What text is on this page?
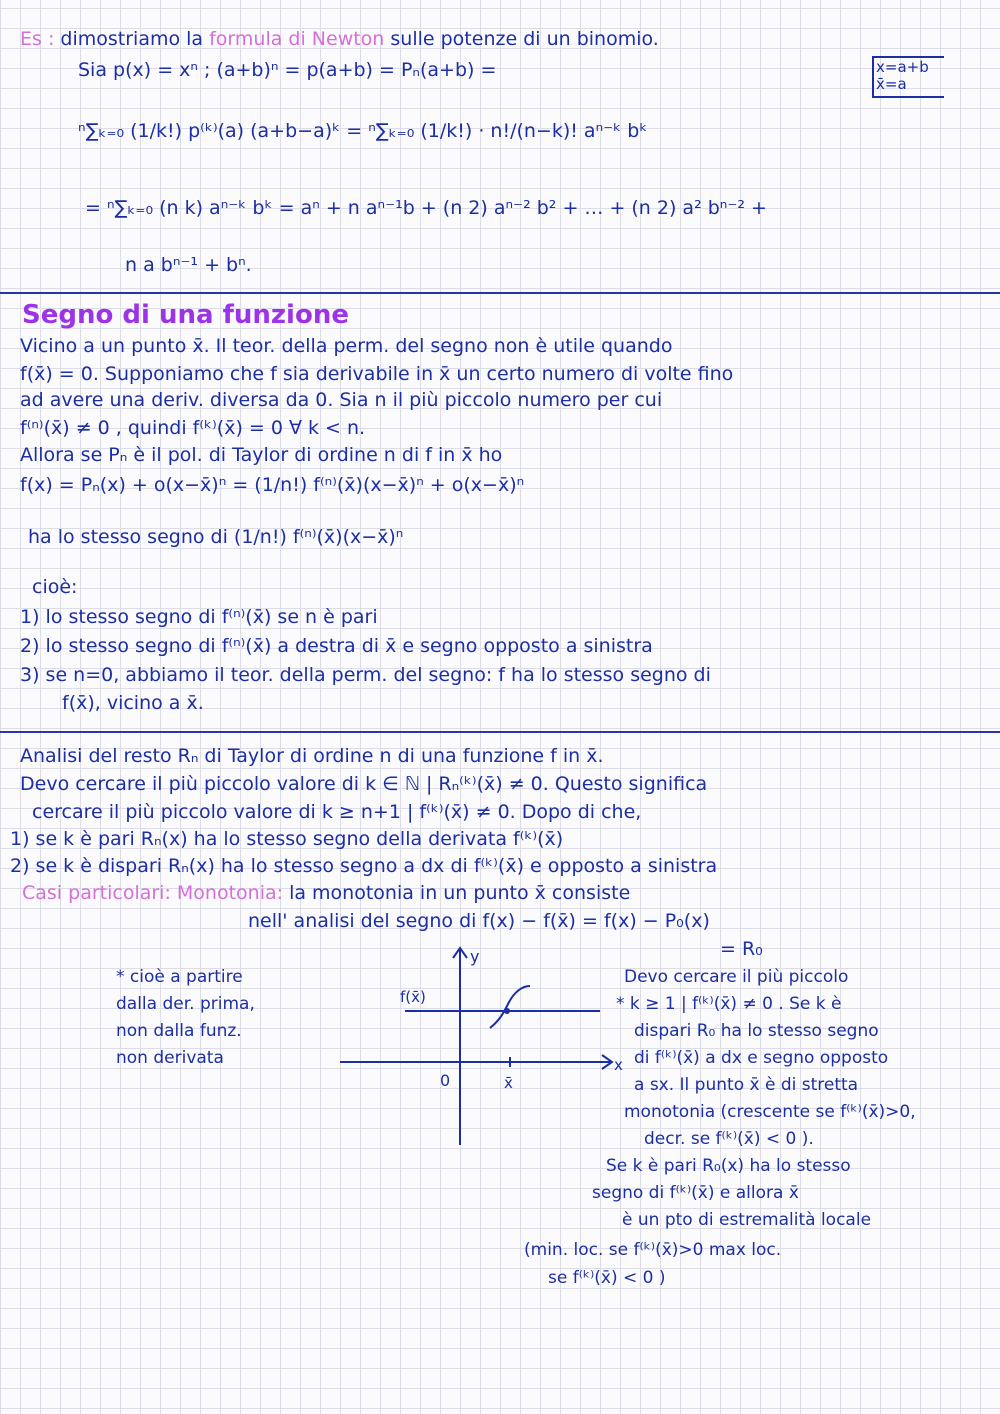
Es : dimostriamo la formula di Newton sulle potenze di un binomio.
Sia p(x) = xⁿ ; (a+b)ⁿ = p(a+b) = Pₙ(a+b) =	x=a+b
x̄=a
ⁿ∑ₖ₌₀ (1/k!) p⁽ᵏ⁾(a) (a+b−a)ᵏ = ⁿ∑ₖ₌₀ (1/k!) · n!/(n−k)! aⁿ⁻ᵏ bᵏ
= ⁿ∑ₖ₌₀ (n k) aⁿ⁻ᵏ bᵏ = aⁿ + n aⁿ⁻¹b + (n 2) aⁿ⁻² b² + … + (n 2) a² bⁿ⁻² +
n a bⁿ⁻¹ + bⁿ.
Segno di una funzione
Vicino a un punto x̄. Il teor. della perm. del segno non è utile quando
f(x̄) = 0. Supponiamo che f sia derivabile in x̄ un certo numero di volte fino
ad avere una deriv. diversa da 0. Sia n il più piccolo numero per cui
f⁽ⁿ⁾(x̄) ≠ 0 , quindi f⁽ᵏ⁾(x̄) = 0 ∀ k < n.
Allora se Pₙ è il pol. di Taylor di ordine n di f in x̄ ho
f(x) = Pₙ(x) + o(x−x̄)ⁿ = (1/n!) f⁽ⁿ⁾(x̄)(x−x̄)ⁿ + o(x−x̄)ⁿ
ha lo stesso segno di (1/n!) f⁽ⁿ⁾(x̄)(x−x̄)ⁿ
cioè:
1) lo stesso segno di f⁽ⁿ⁾(x̄) se n è pari
2) lo stesso segno di f⁽ⁿ⁾(x̄) a destra di x̄ e segno opposto a sinistra
3) se n=0, abbiamo il teor. della perm. del segno: f ha lo stesso segno di
f(x̄), vicino a x̄.
Analisi del resto Rₙ di Taylor di ordine n di una funzione f in x̄.
Devo cercare il più piccolo valore di k ∈ ℕ | Rₙ⁽ᵏ⁾(x̄) ≠ 0. Questo significa
cercare il più piccolo valore di k ≥ n+1 | f⁽ᵏ⁾(x̄) ≠ 0. Dopo di che,
1) se k è pari Rₙ(x) ha lo stesso segno della derivata f⁽ᵏ⁾(x̄)
2) se k è dispari Rₙ(x) ha lo stesso segno a dx di f⁽ᵏ⁾(x̄) e opposto a sinistra
Casi particolari: Monotonia: la monotonia in un punto x̄ consiste
nell' analisi del segno di f(x) − f(x̄) = f(x) − P₀(x)
= R₀
* cioè a partire
dalla der. prima,
non dalla funz.
non derivata
y
x
0
f(x̄)
x̄
Devo cercare il più piccolo
* k ≥ 1 | f⁽ᵏ⁾(x̄) ≠ 0 . Se k è
dispari R₀ ha lo stesso segno
di f⁽ᵏ⁾(x̄) a dx e segno opposto
a sx. Il punto x̄ è di stretta
monotonia (crescente se f⁽ᵏ⁾(x̄)>0,
decr. se f⁽ᵏ⁾(x̄) < 0 ).
Se k è pari R₀(x) ha lo stesso
segno di f⁽ᵏ⁾(x̄) e allora x̄
è un pto di estremalità locale
(min. loc. se f⁽ᵏ⁾(x̄)>0 max loc.
se f⁽ᵏ⁾(x̄) < 0 )
